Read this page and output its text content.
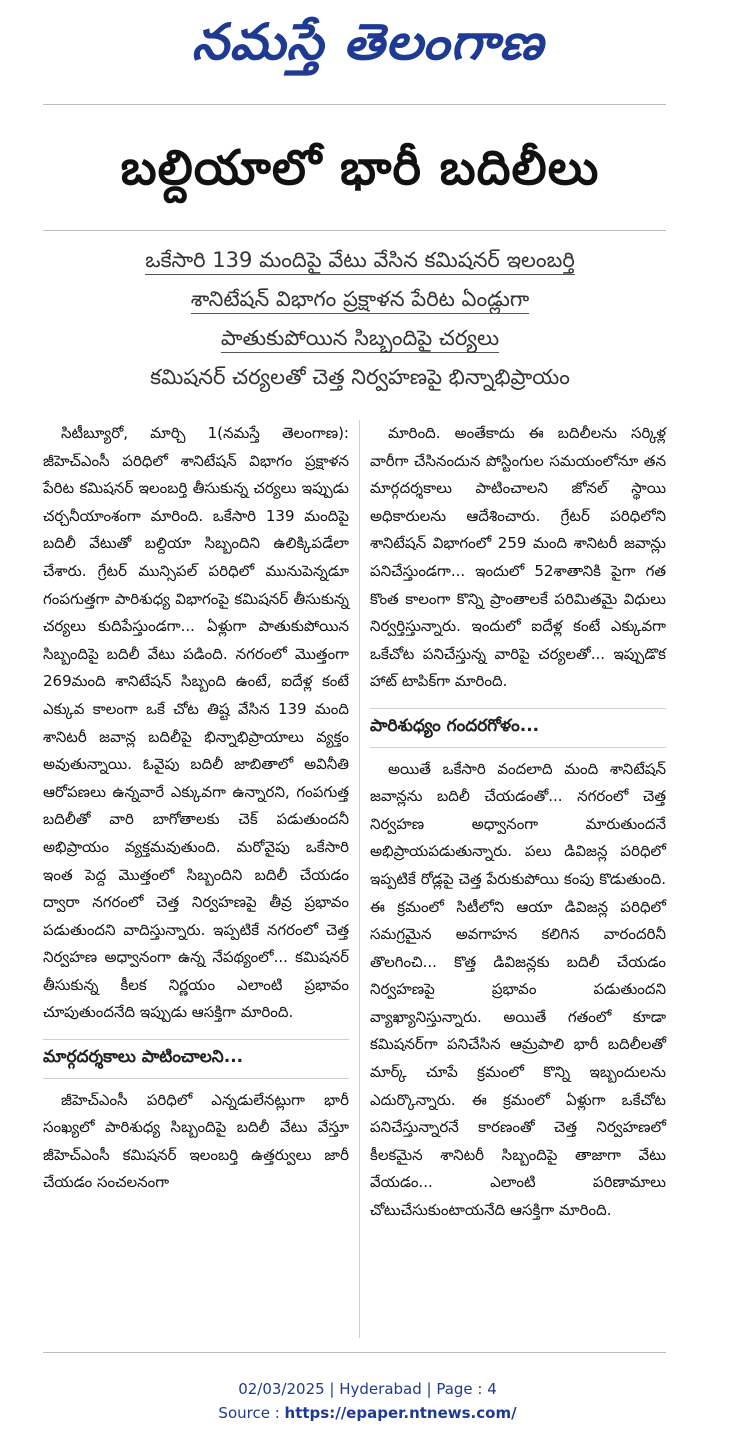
నమస్తే తెలంగాణ
బల్దియాలో భారీ బదిలీలు
ఒకేసారి 139 మందిపై వేటు వేసిన కమిషనర్ ఇలంబర్తి
శానిటేషన్ విభాగం ప్రక్షాళన పేరిట ఏండ్లుగా
పాతుకుపోయిన సిబ్బందిపై చర్యలు
కమిషనర్ చర్యలతో చెత్త నిర్వహణపై భిన్నాభిప్రాయం

సిటీబ్యూరో, మార్చి 1(నమస్తే తెలంగాణ): జీహెచ్ఎంసీ పరిధిలో శానిటేషన్ విభాగం ప్రక్షాళన పేరిట కమిషనర్ ఇలంబర్తి తీసుకున్న చర్యలు ఇప్పుడు చర్చనీయాంశంగా మారింది. ఒకేసారి 139 మందిపై బదిలీ వేటుతో బల్దియా సిబ్బందిని ఉలిక్కిపడేలా చేశారు. గ్రేటర్ మున్సిపల్ పరిధిలో మునుపెన్నడూ గంపగుత్తగా పారిశుధ్య విభాగంపై కమిషనర్ తీసుకున్న చర్యలు కుదిపేస్తుండగా... ఏళ్లుగా పాతుకుపోయిన సిబ్బందిపై బదిలీ వేటు పడింది. నగరంలో మొత్తంగా 269మంది శానిటేషన్ సిబ్బంది ఉంటే, ఐదేళ్ల కంటే ఎక్కువ కాలంగా ఒకే చోట తిష్ట వేసిన 139 మంది శానిటరీ జవాన్ల బదిలీపై భిన్నాభిప్రాయాలు వ్యక్తం అవుతున్నాయి. ఓవైపు బదిలీ జాబితాలో అవినీతి ఆరోపణలు ఉన్నవారే ఎక్కువగా ఉన్నారని, గంపగుత్త బదిలీతో వారి బాగోతాలకు చెక్ పడుతుందనీ అభిప్రాయం వ్యక్తమవుతుంది. మరోవైపు ఒకేసారి ఇంత పెద్ద మొత్తంలో సిబ్బందిని బదిలీ చేయడం ద్వారా నగరంలో చెత్త నిర్వహణపై తీవ్ర ప్రభావం పడుతుందని వాదిస్తున్నారు. ఇప్పటికే నగరంలో చెత్త నిర్వహణ అధ్వానంగా ఉన్న నేపథ్యంలో... కమిషనర్ తీసుకున్న కీలక నిర్ణయం ఎలాంటి ప్రభావం చూపుతుందనేది ఇప్పుడు ఆసక్తిగా మారింది.

మార్గదర్శకాలు పాటించాలని...

జీహెచ్ఎంసీ పరిధిలో ఎన్నడులేనట్లుగా భారీ సంఖ్యలో పారిశుధ్య సిబ్బందిపై బదిలీ వేటు వేస్తూ జీహెచ్ఎంసీ కమిషనర్ ఇలంబర్తి ఉత్తర్వులు జారీ చేయడం సంచలనంగా

మారింది. అంతేకాదు ఈ బదిలీలను సర్కిళ్ల వారీగా చేసినందున పోస్టింగుల సమయంలోనూ తన మార్గదర్శకాలు పాటించాలని జోనల్ స్థాయి అధికారులను ఆదేశించారు. గ్రేటర్ పరిధిలోని శానిటేషన్ విభాగంలో 259 మంది శానిటరీ జవాన్లు పనిచేస్తుండగా... ఇందులో 52శాతానికి పైగా గత కొంత కాలంగా కొన్ని ప్రాంతాలకే పరిమితమై విధులు నిర్వర్తిస్తున్నారు. ఇందులో ఐదేళ్ల కంటే ఎక్కువగా ఒకేచోట పనిచేస్తున్న వారిపై చర్యలతో... ఇప్పుడొక హాట్ టాపిక్‌గా మారింది.

పారిశుధ్యం గందరగోళం...

అయితే ఒకేసారి వందలాది మంది శానిటేషన్ జవాన్లను బదిలీ చేయడంతో... నగరంలో చెత్త నిర్వహణ అధ్వానంగా మారుతుందనే అభిప్రాయపడుతున్నారు. పలు డివిజన్ల పరిధిలో ఇప్పటికే రోడ్లపై చెత్త పేరుకుపోయి కంపు కొడుతుంది. ఈ క్రమంలో సిటీలోని ఆయా డివిజన్ల పరిధిలో సమగ్రమైన అవగాహన కలిగిన వారందరినీ తొలగించి... కొత్త డివిజన్లకు బదిలీ చేయడం నిర్వహణపై ప్రభావం పడుతుందని వ్యాఖ్యానిస్తున్నారు. అయితే గతంలో కూడా కమిషనర్‌గా పనిచేసిన ఆమ్రపాలి భారీ బదిలీలతో మార్క్ చూపే క్రమంలో కొన్ని ఇబ్బందులను ఎదుర్కొన్నారు. ఈ క్రమంలో ఏళ్లుగా ఒకేచోట పనిచేస్తున్నారనే కారణంతో చెత్త నిర్వహణలో కీలకమైన శానిటరీ సిబ్బందిపై తాజాగా వేటు వేయడం... ఎలాంటి పరిణామాలు చోటుచేసుకుంటాయనేది ఆసక్తిగా మారింది.

02/03/2025 | Hyderabad | Page : 4
Source : https://epaper.ntnews.com/
